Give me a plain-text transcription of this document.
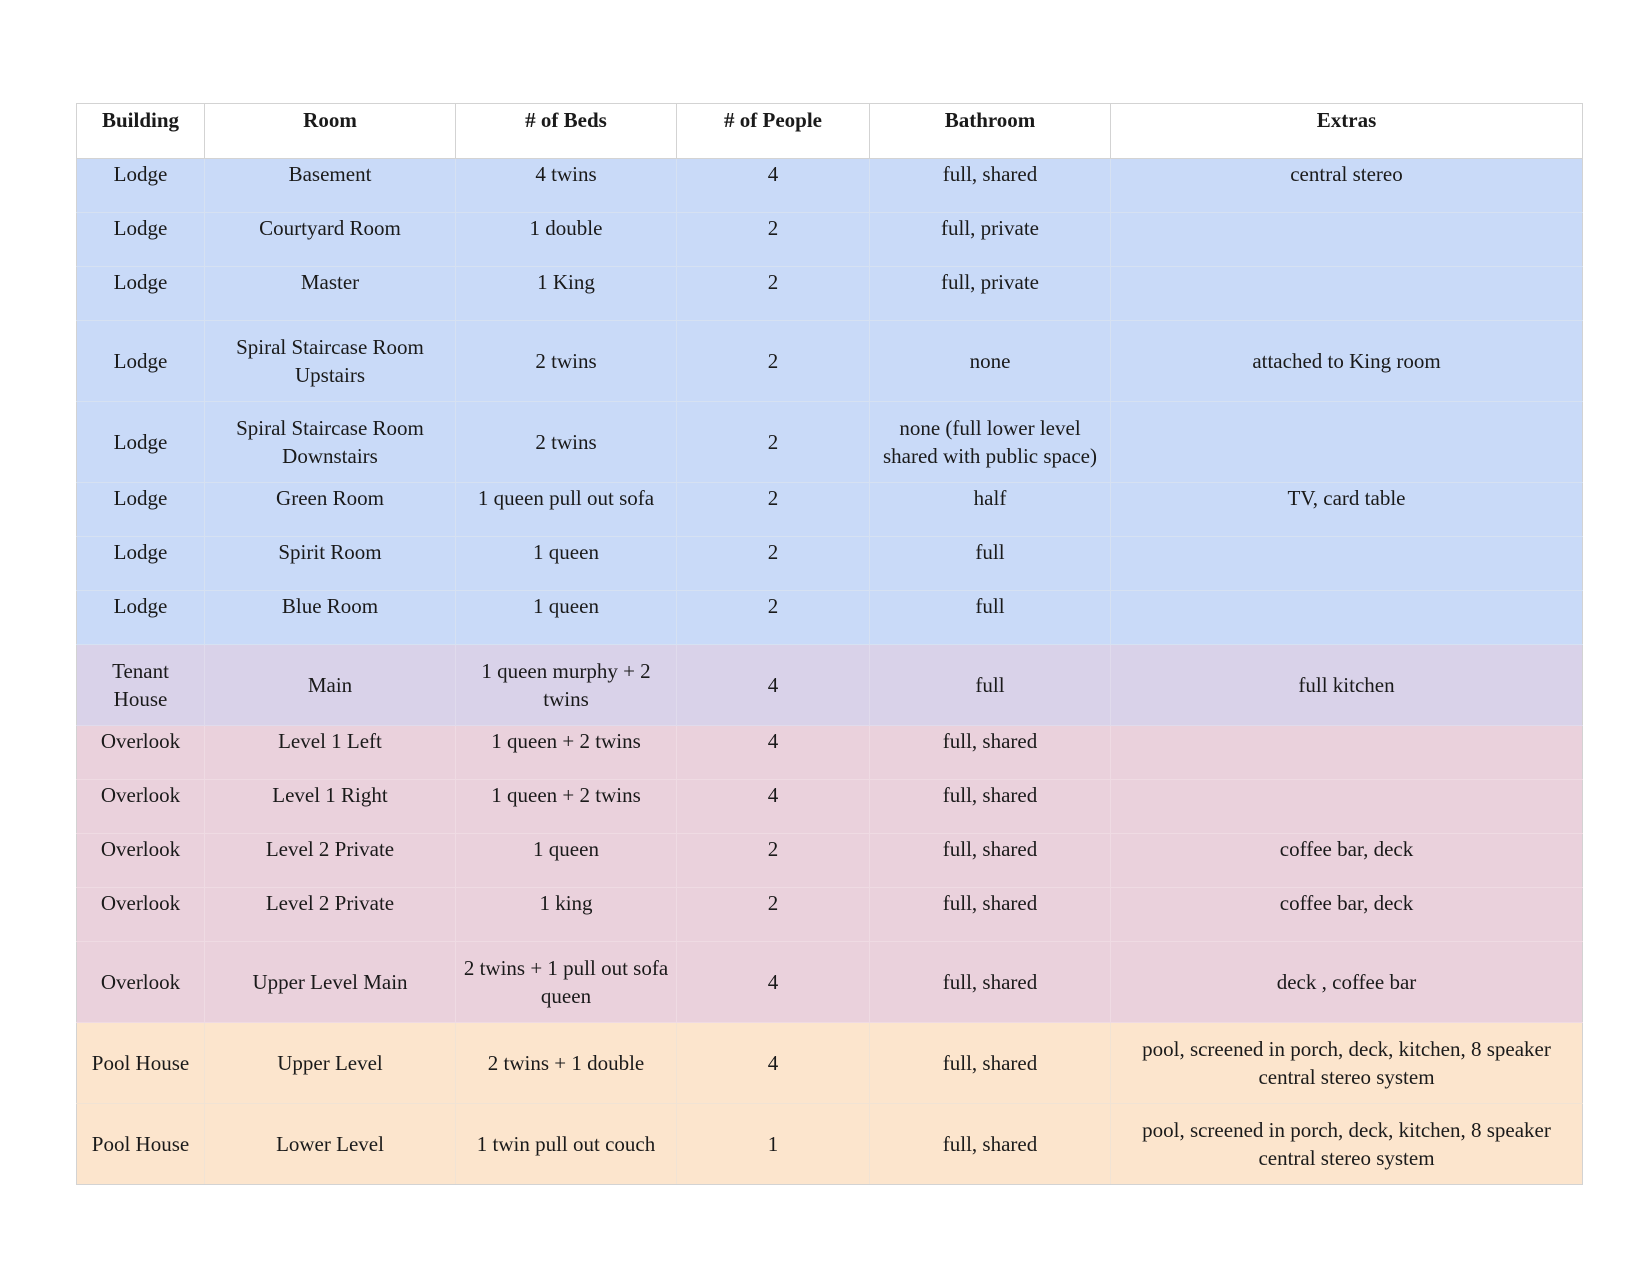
Building	Room	# of Beds	# of People	Bathroom	Extras
Lodge	Basement	4 twins	4	full, shared	central stereo
Lodge	Courtyard Room	1 double	2	full, private	
Lodge	Master	1 King	2	full, private	
Lodge	Spiral Staircase Room Upstairs	2 twins	2	none	attached to King room
Lodge	Spiral Staircase Room Downstairs	2 twins	2	none (full lower level shared with public space)	
Lodge	Green Room	1 queen pull out sofa	2	half	TV, card table
Lodge	Spirit Room	1 queen	2	full	
Lodge	Blue Room	1 queen	2	full	
Tenant House	Main	1 queen murphy + 2 twins	4	full	full kitchen
Overlook	Level 1 Left	1 queen + 2 twins	4	full, shared	
Overlook	Level 1 Right	1 queen + 2 twins	4	full, shared	
Overlook	Level 2 Private	1 queen	2	full, shared	coffee bar, deck
Overlook	Level 2 Private	1 king	2	full, shared	coffee bar, deck
Overlook	Upper Level Main	2 twins + 1 pull out sofa queen	4	full, shared	deck , coffee bar
Pool House	Upper Level	2 twins + 1 double	4	full, shared	pool, screened in porch, deck, kitchen, 8 speaker central stereo system
Pool House	Lower Level	1 twin pull out couch	1	full, shared	pool, screened in porch, deck, kitchen, 8 speaker central stereo system
